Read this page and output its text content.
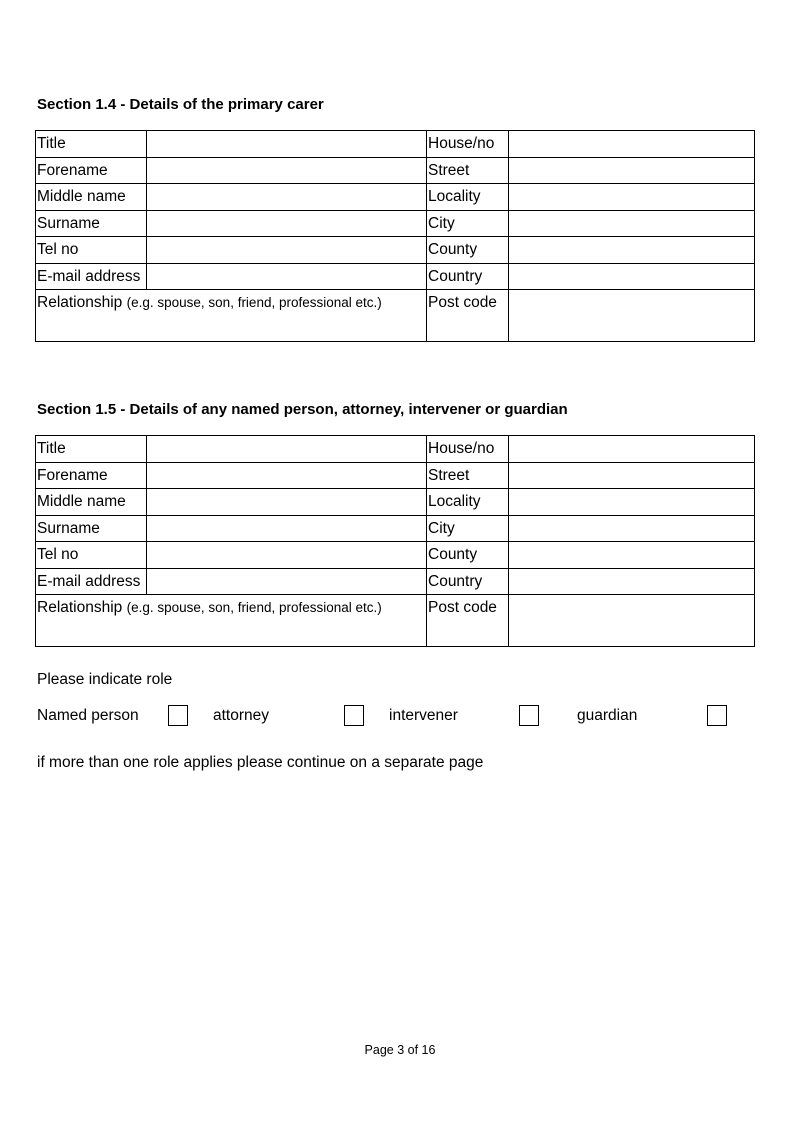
Section 1.4 - Details of the primary carer
Title		House/no	
Forename		Street	
Middle name		Locality	
Surname		City	
Tel no		County	
E-mail address		Country	
Relationship (e.g. spouse, son, friend, professional etc.)		Post code	
Section 1.5 - Details of any named person, attorney, intervener or guardian
Title		House/no	
Forename		Street	
Middle name		Locality	
Surname		City	
Tel no		County	
E-mail address		Country	
Relationship (e.g. spouse, son, friend, professional etc.)		Post code	

Please indicate role

Named person	attorney	intervener	guardian

if more than one role applies please continue on a separate page

Page 3 of 16
